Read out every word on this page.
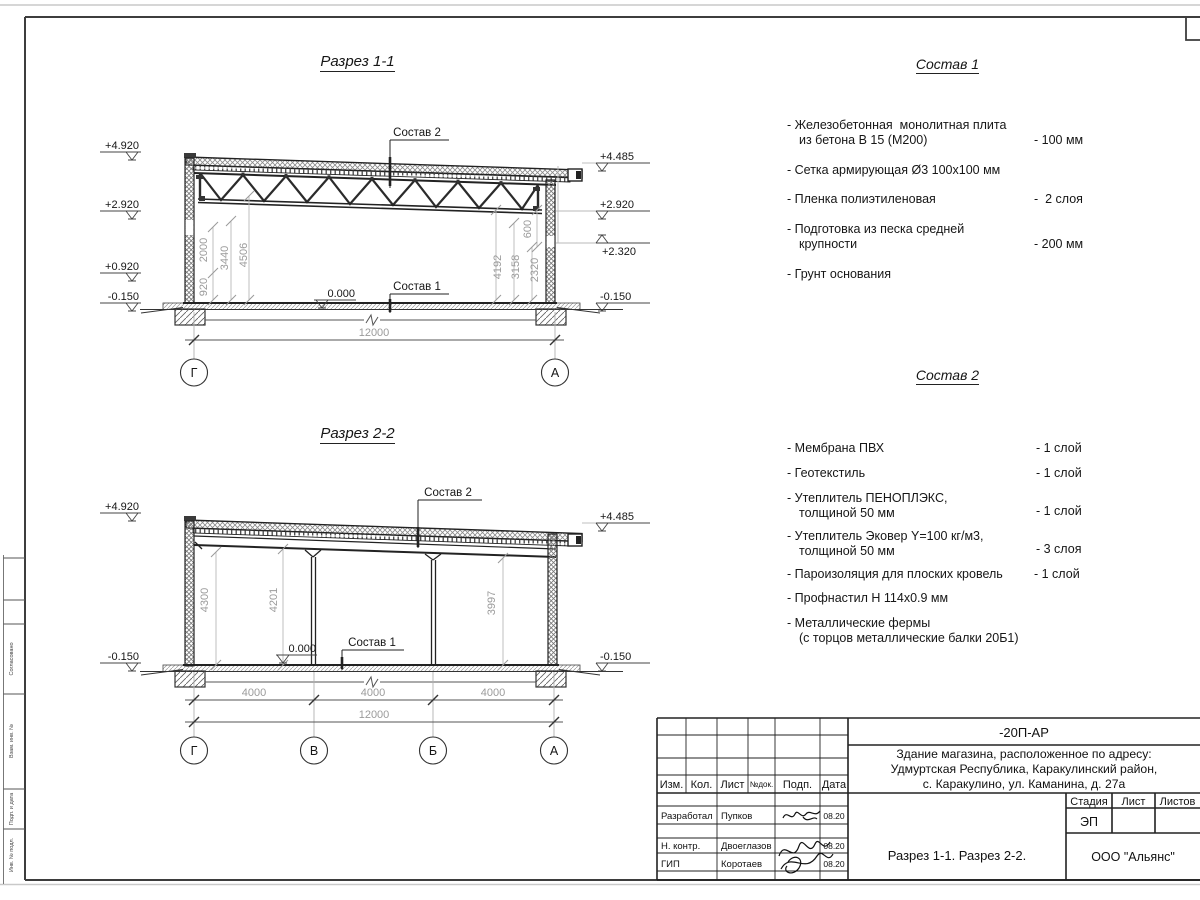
Согласовано
Взам. инв. №
Подп. и дата
Инв. № подл.
920
2000 3440 4506	4192 3158 2320
600
+4.920
+2.920
+0.920
-0.150
+4.485
+2.920
+2.320
-0.150
Состав 2
Состав 1
0.000
12000
Г	А
4300	4201	3997
+4.920
-0.150
+4.485
-0.150
Состав 2
Состав 1
0.000
4000	4000	4000
12000
Г	В	Б	А
Изм. Кол. Лист №док. Подп. Дата
Разработал Пупков	08.20
Н. контр. Двоеглазов	08.20
ГИП	Коротаев	08.20
-20П-АР
Здание магазина, расположенное по адресу:
Удмуртская Республика, Каракулинский район,
с. Каракулино, ул. Каманина, д. 27а
Стадия Лист Листов
ЭП
Разрез 1-1. Разрез 2-2.	ООО "Альянс"
Разрез 1-1
Разрез 2-2
Состав 1
- Железобетонная  монолитная плита
из бетона В 15 (М200)	- 100 мм
- Сетка армирующая Ø3 100х100 мм
- Пленка полиэтиленовая	-  2 слоя
- Подготовка из песка средней
крупности	- 200 мм
- Грунт основания
Состав 2
- Мембрана ПВХ	- 1 слой
- Геотекстиль	- 1 слой
- Утеплитель ПЕНОПЛЭКС,
толщиной 50 мм	- 1 слой
- Утеплитель Эковер Y=100 кг/м3,
толщиной 50 мм	- 3 слоя
- Пароизоляция для плоских кровель - 1 слой
- Профнастил Н 114х0.9 мм
- Металлические фермы
(с торцов металлические балки 20Б1)
